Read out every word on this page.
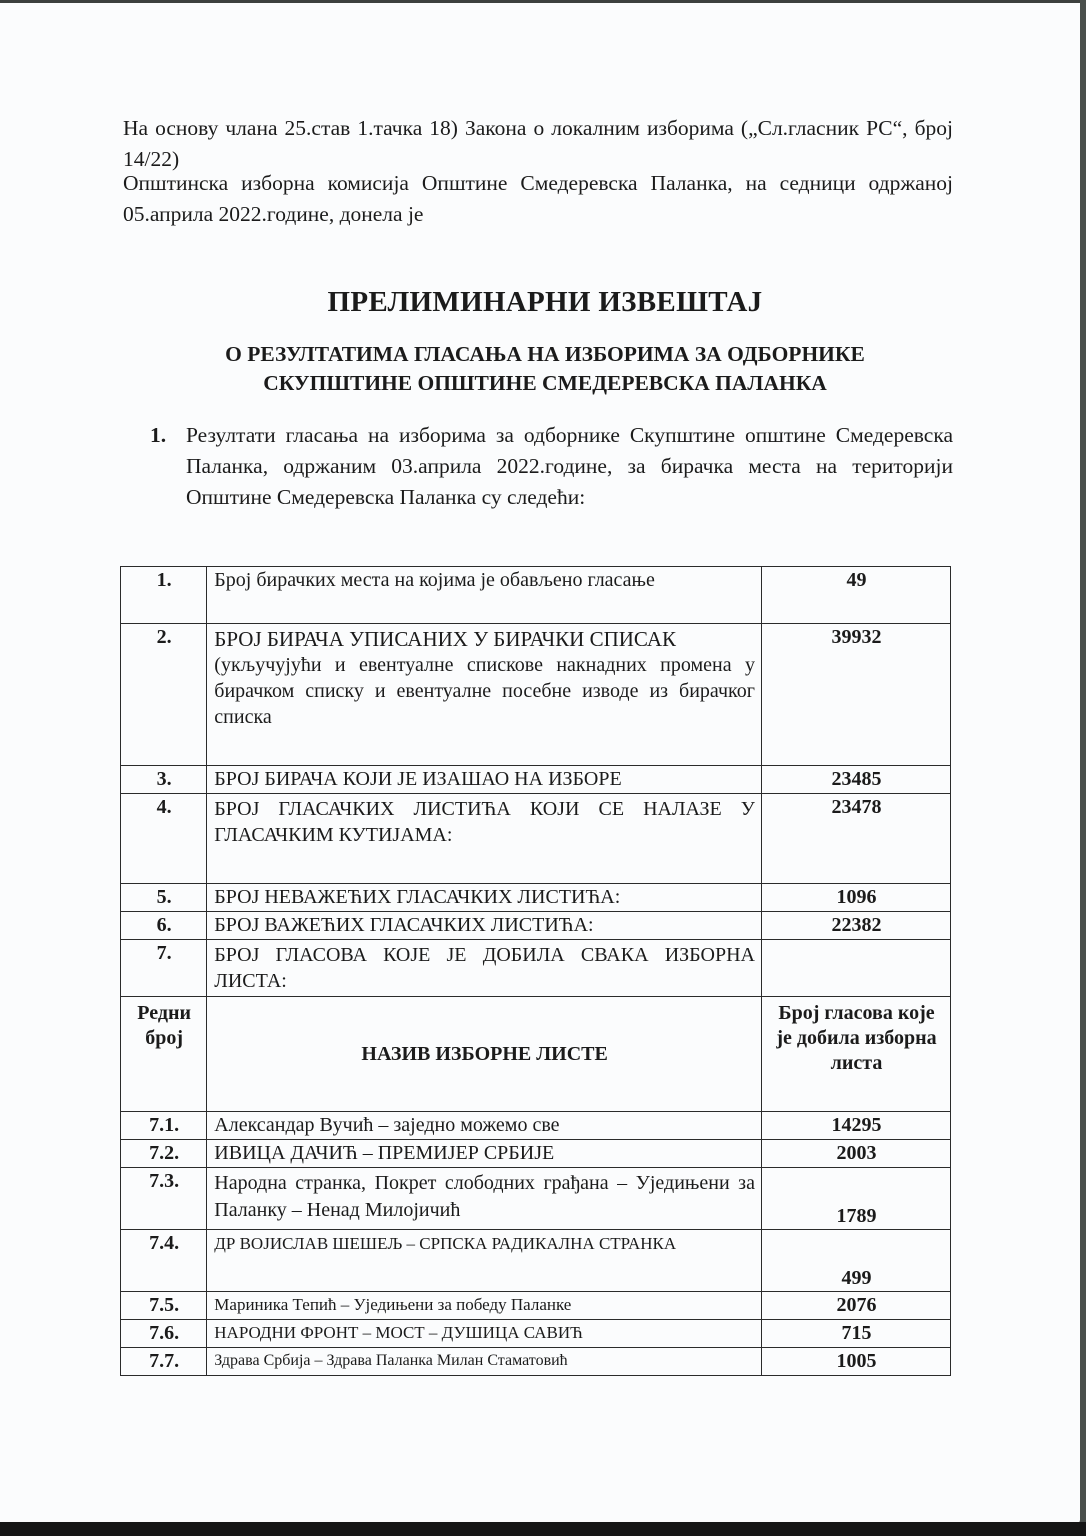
На основу члана 25.став 1.тачка 18) Закона о локалним изборима („Сл.гласник РС“, број 14/22)

Општинска изборна комисија Општине Смедеревска Паланка, на седници одржаној 05.априла 2022.године, донела је

ПРЕЛИМИНАРНИ ИЗВЕШТАЈ
О РЕЗУЛТАТИМА ГЛАСАЊА НА ИЗБОРИМА ЗА ОДБОРНИКЕ
СКУПШТИНЕ ОПШТИНЕ СМЕДЕРЕВСКА ПАЛАНКА
1. Резултати гласања на изборима за одборнике Скупштине општине Смедеревска Паланка, одржаним 03.априла 2022.године, за бирачка места на територији Општине Смедеревска Паланка су следећи:
1.	Број бирачких места на којима је обављено гласање	49
2.	БРОЈ БИРАЧА УПИСАНИХ У БИРАЧКИ СПИСАК
(укључујући и евентуалне спискове накнадних промена у бирачком списку и евентуалне посебне изводе из бирачког списка	39932
3.	БРОЈ БИРАЧА КОЈИ ЈЕ ИЗАШАО НА ИЗБОРЕ	23485
4.	БРОЈ ГЛАСАЧКИХ ЛИСТИЋА КОЈИ СЕ НАЛАЗЕ У ГЛАСАЧКИМ КУТИЈАМА:	23478
5.	БРОЈ НЕВАЖЕЋИХ ГЛАСАЧКИХ ЛИСТИЋА:	1096
6.	БРОЈ ВАЖЕЋИХ ГЛАСАЧКИХ ЛИСТИЋА:	22382
7.	БРОЈ ГЛАСОВА КОЈЕ ЈЕ ДОБИЛА СВАКА ИЗБОРНА ЛИСТА:	
Редни број	НАЗИВ ИЗБОРНЕ ЛИСТЕ	Број гласова које је добила изборна листа
7.1.	Александар Вучић – заједно можемо све	14295
7.2.	ИВИЦА ДАЧИЋ – ПРЕМИЈЕР СРБИЈЕ	2003
7.3.	Народна странка, Покрет слободних грађана – Уједињени за Паланку – Ненад Милојичић	1789
7.4.	ДР ВОЈИСЛАВ ШЕШЕЉ – СРПСКА РАДИКАЛНА СТРАНКА	499
7.5.	Мариника Тепић – Уједињени за победу Паланке	2076
7.6.	НАРОДНИ ФРОНТ – МОСТ – ДУШИЦА САВИЋ	715
7.7.	Здрава Србија – Здрава Паланка Милан Стаматовић	1005
